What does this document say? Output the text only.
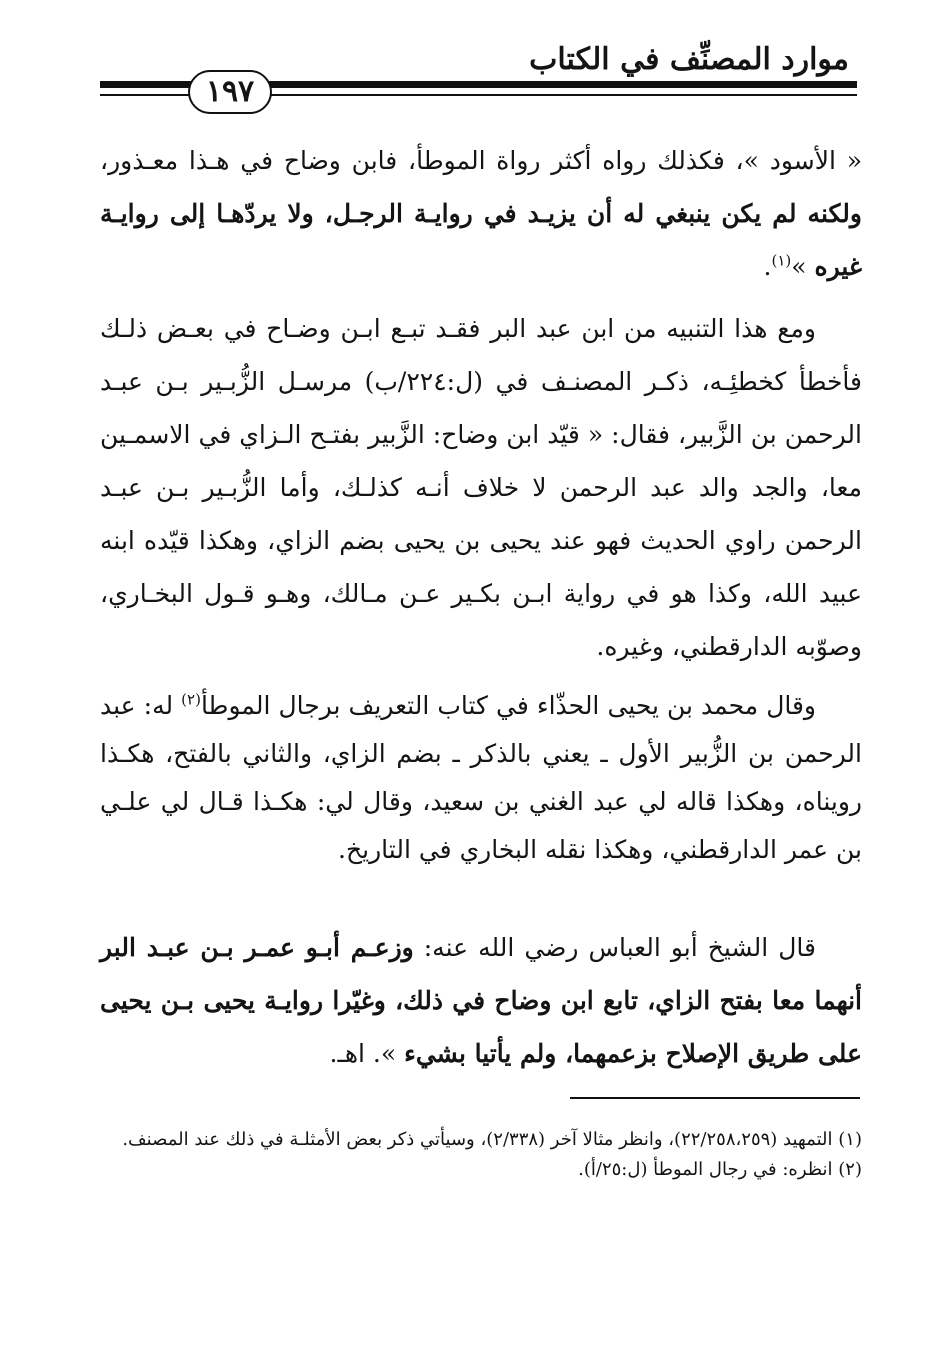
موارد المصنِّف في الكتاب
١٩٧

« الأسود »، فكذلك رواه أكثر رواة الموطأ، فابن وضاح في هـذا معـذور، ولكنه لم يكن ينبغي له أن يزيـد في روايـة الرجـل، ولا يردّهـا إلى روايـة غيره »$^{(١)}$.

ومع هذا التنبيه من ابن عبد البر فقـد تبـع ابـن وضـاح في بعـض ذلـك فأخطأ كخطئِـه، ذكـر المصنـف في (ل:٢٢٤/ب) مرسـل الزُّبـير بـن عبـد الرحمن بن الزَّبير، فقال: « قيّد ابن وضاح: الزَّبير بفتـح الـزاي في الاسمـين معا، والجد والد عبد الرحمن لا خلاف أنـه كذلـك، وأما الزُّبـير بـن عبـد الرحمن راوي الحديث فهو عند يحيى بن يحيى بضم الزاي، وهكذا قيّده ابنه عبيد الله، وكذا هو في رواية ابـن بكـير عـن مـالك، وهـو قـول البخـاري، وصوّبه الدارقطني، وغيره.

وقال محمد بن يحيى الحذّاء في كتاب التعريف برجال الموطأ$^{(٢)}$ له: عبد الرحمن بن الزُّبير الأول ـ يعني بالذكر ـ بضم الزاي، والثاني بالفتح، هكـذا رويناه، وهكذا قاله لي عبد الغني بن سعيد، وقال لي: هكـذا قـال لي علـي بن عمر الدارقطني، وهكذا نقله البخاري في التاريخ.

قال الشيخ أبو العباس رضي الله عنه: وزعـم أبـو عمـر بـن عبـد البر أنهما معا بفتح الزاي، تابع ابن وضاح في ذلك، وغيّرا روايـة يحيى بـن يحيى على طريق الإصلاح بزعمهما، ولم يأتيا بشيء ». اهـ.

(١) التمهيد (٢٢/٢٥٨،٢٥٩)، وانظر مثالا آخر (٢/٣٣٨)، وسيأتي ذكر بعض الأمثلـة في ذلك عند المصنف.

(٢) انظره: في رجال الموطأ (ل:٢٥/أ).
